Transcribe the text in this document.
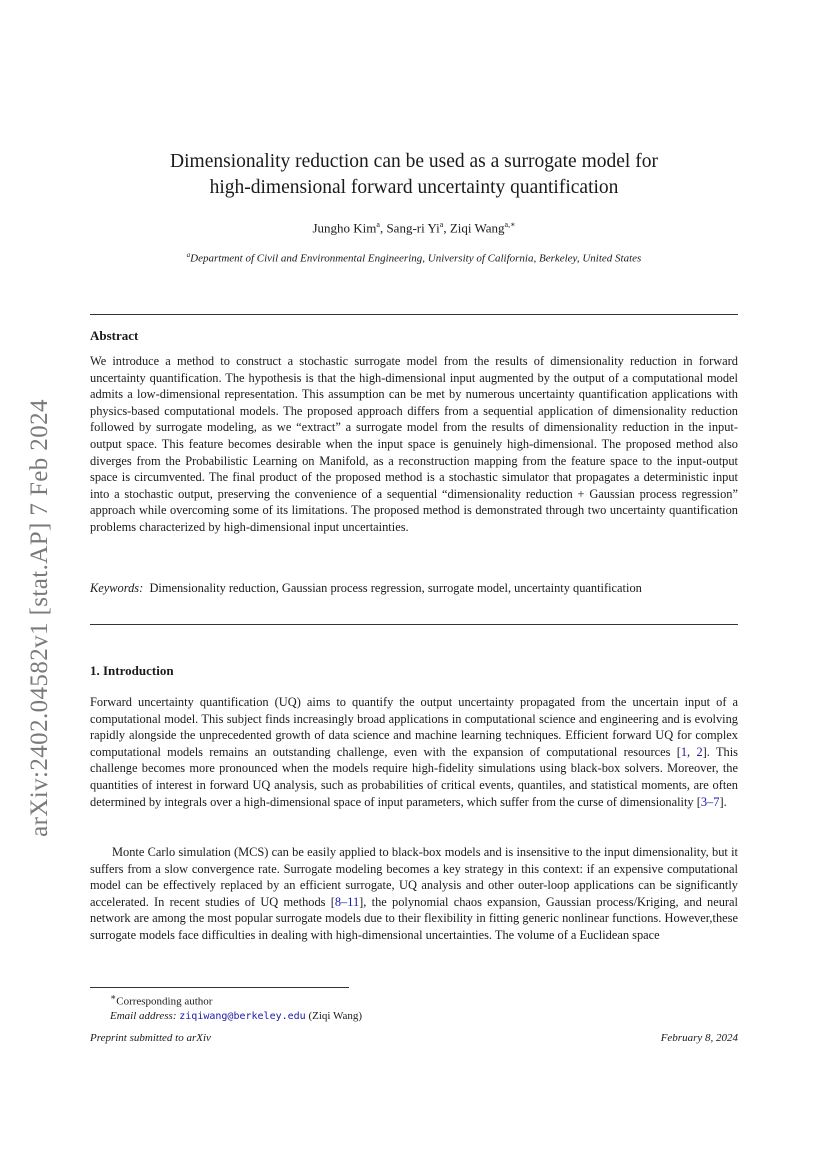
arXiv:2402.04582v1 [stat.AP] 7 Feb 2024
Dimensionality reduction can be used as a surrogate model for
high-dimensional forward uncertainty quantification
Jungho Kim$^a$, Sang-ri Yi$^a$, Ziqi Wang$^{a,∗}$
$^a$Department of Civil and Environmental Engineering, University of California, Berkeley, United States
Abstract
We introduce a method to construct a stochastic surrogate model from the results of dimensionality reduction in forward uncertainty quantification. The hypothesis is that the high-dimensional input augmented by the output of a computational model admits a low-dimensional representation. This assumption can be met by numerous uncertainty quantification applications with physics-based computational models. The proposed approach differs from a sequential application of dimensionality reduction followed by surrogate modeling, as we “extract” a surrogate model from the results of dimensionality reduction in the input-output space. This feature becomes desirable when the input space is genuinely high-dimensional. The proposed method also diverges from the Probabilistic Learning on Manifold, as a reconstruction mapping from the feature space to the input-output space is circumvented. The final product of the proposed method is a stochastic simulator that propagates a deterministic input into a stochastic output, preserving the convenience of a sequential “dimensionality reduction + Gaussian process regression” approach while overcoming some of its limitations. The proposed method is demonstrated through two uncertainty quantification problems characterized by high-dimensional input uncertainties.
Keywords: Dimensionality reduction, Gaussian process regression, surrogate model, uncertainty quantification
1. Introduction
Forward uncertainty quantification (UQ) aims to quantify the output uncertainty propagated from the uncertain input of a computational model. This subject finds increasingly broad applications in computational science and engineering and is evolving rapidly alongside the unprecedented growth of data science and machine learning techniques. Efficient forward UQ for complex computational models remains an outstanding challenge, even with the expansion of computational resources [1, 2]. This challenge becomes more pronounced when the models require high-fidelity simulations using black-box solvers. Moreover, the quantities of interest in forward UQ analysis, such as probabilities of critical events, quantiles, and statistical moments, are often determined by integrals over a high-dimensional space of input parameters, which suffer from the curse of dimensionality [3–7].
Monte Carlo simulation (MCS) can be easily applied to black-box models and is insensitive to the input dimensionality, but it suffers from a slow convergence rate. Surrogate modeling becomes a key strategy in this context: if an expensive computational model can be effectively replaced by an efficient surrogate, UQ analysis and other outer-loop applications can be significantly accelerated. In recent studies of UQ methods [8–11], the polynomial chaos expansion, Gaussian process/Kriging, and neural network are among the most popular surrogate models due to their flexibility in fitting generic nonlinear functions. However,these surrogate models face difficulties in dealing with high-dimensional uncertainties. The volume of a Euclidean space
∗Corresponding author
Email address: ziqiwang@berkeley.edu (Ziqi Wang)
Preprint submitted to arXiv	February 8, 2024
